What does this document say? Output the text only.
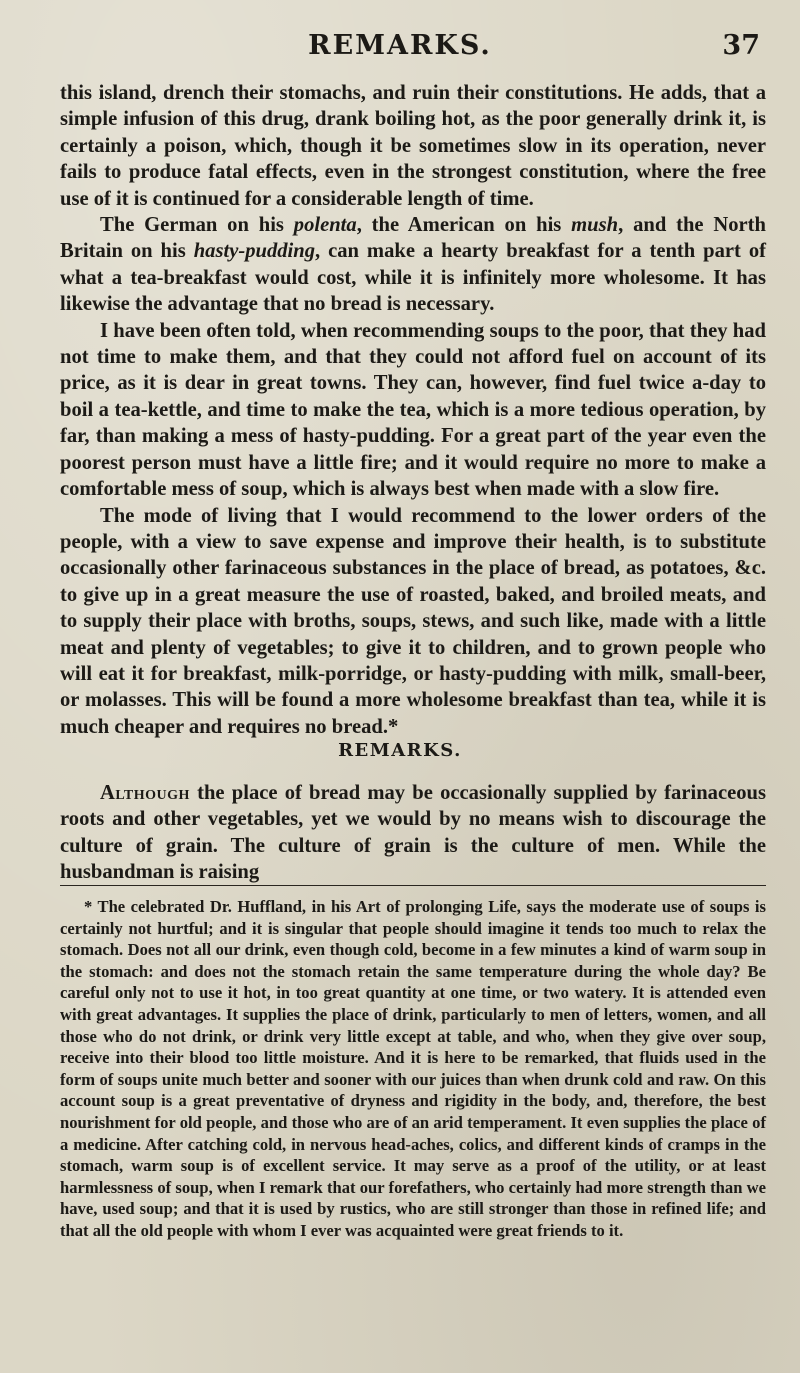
REMARKS.	37

this island, drench their stomachs, and ruin their constitutions. He adds, that a simple infusion of this drug, drank boiling hot, as the poor generally drink it, is certainly a poison, which, though it be sometimes slow in its operation, never fails to produce fatal effects, even in the strongest constitution, where the free use of it is continued for a considerable length of time.

The German on his polenta, the American on his mush, and the North Britain on his hasty-pudding, can make a hearty breakfast for a tenth part of what a tea-breakfast would cost, while it is infinitely more wholesome. It has likewise the advantage that no bread is necessary.

I have been often told, when recommending soups to the poor, that they had not time to make them, and that they could not afford fuel on account of its price, as it is dear in great towns. They can, however, find fuel twice a-day to boil a tea-kettle, and time to make the tea, which is a more tedious operation, by far, than making a mess of hasty-pudding. For a great part of the year even the poorest person must have a little fire; and it would require no more to make a comfortable mess of soup, which is always best when made with a slow fire.

The mode of living that I would recommend to the lower orders of the people, with a view to save expense and improve their health, is to substitute occasionally other farinaceous substances in the place of bread, as potatoes, &c. to give up in a great measure the use of roasted, baked, and broiled meats, and to supply their place with broths, soups, stews, and such like, made with a little meat and plenty of vegetables; to give it to children, and to grown people who will eat it for breakfast, milk-porridge, or hasty-pudding with milk, small-beer, or molasses. This will be found a more wholesome breakfast than tea, while it is much cheaper and requires no bread.*

REMARKS.

Although the place of bread may be occasionally supplied by farinaceous roots and other vegetables, yet we would by no means wish to discourage the culture of grain. The culture of grain is the culture of men. While the husbandman is raising

* The celebrated Dr. Huffland, in his Art of prolonging Life, says the moderate use of soups is certainly not hurtful; and it is singular that people should imagine it tends too much to relax the stomach. Does not all our drink, even though cold, become in a few minutes a kind of warm soup in the stomach: and does not the stomach retain the same temperature during the whole day? Be careful only not to use it hot, in too great quantity at one time, or two watery. It is attended even with great advantages. It supplies the place of drink, particularly to men of letters, women, and all those who do not drink, or drink very little except at table, and who, when they give over soup, receive into their blood too little moisture. And it is here to be remarked, that fluids used in the form of soups unite much better and sooner with our juices than when drunk cold and raw. On this account soup is a great preventative of dryness and rigidity in the body, and, therefore, the best nourishment for old people, and those who are of an arid temperament. It even supplies the place of a medicine. After catching cold, in nervous head-aches, colics, and different kinds of cramps in the stomach, warm soup is of excellent service. It may serve as a proof of the utility, or at least harmlessness of soup, when I remark that our forefathers, who certainly had more strength than we have, used soup; and that it is used by rustics, who are still stronger than those in refined life; and that all the old people with whom I ever was acquainted were great friends to it.
